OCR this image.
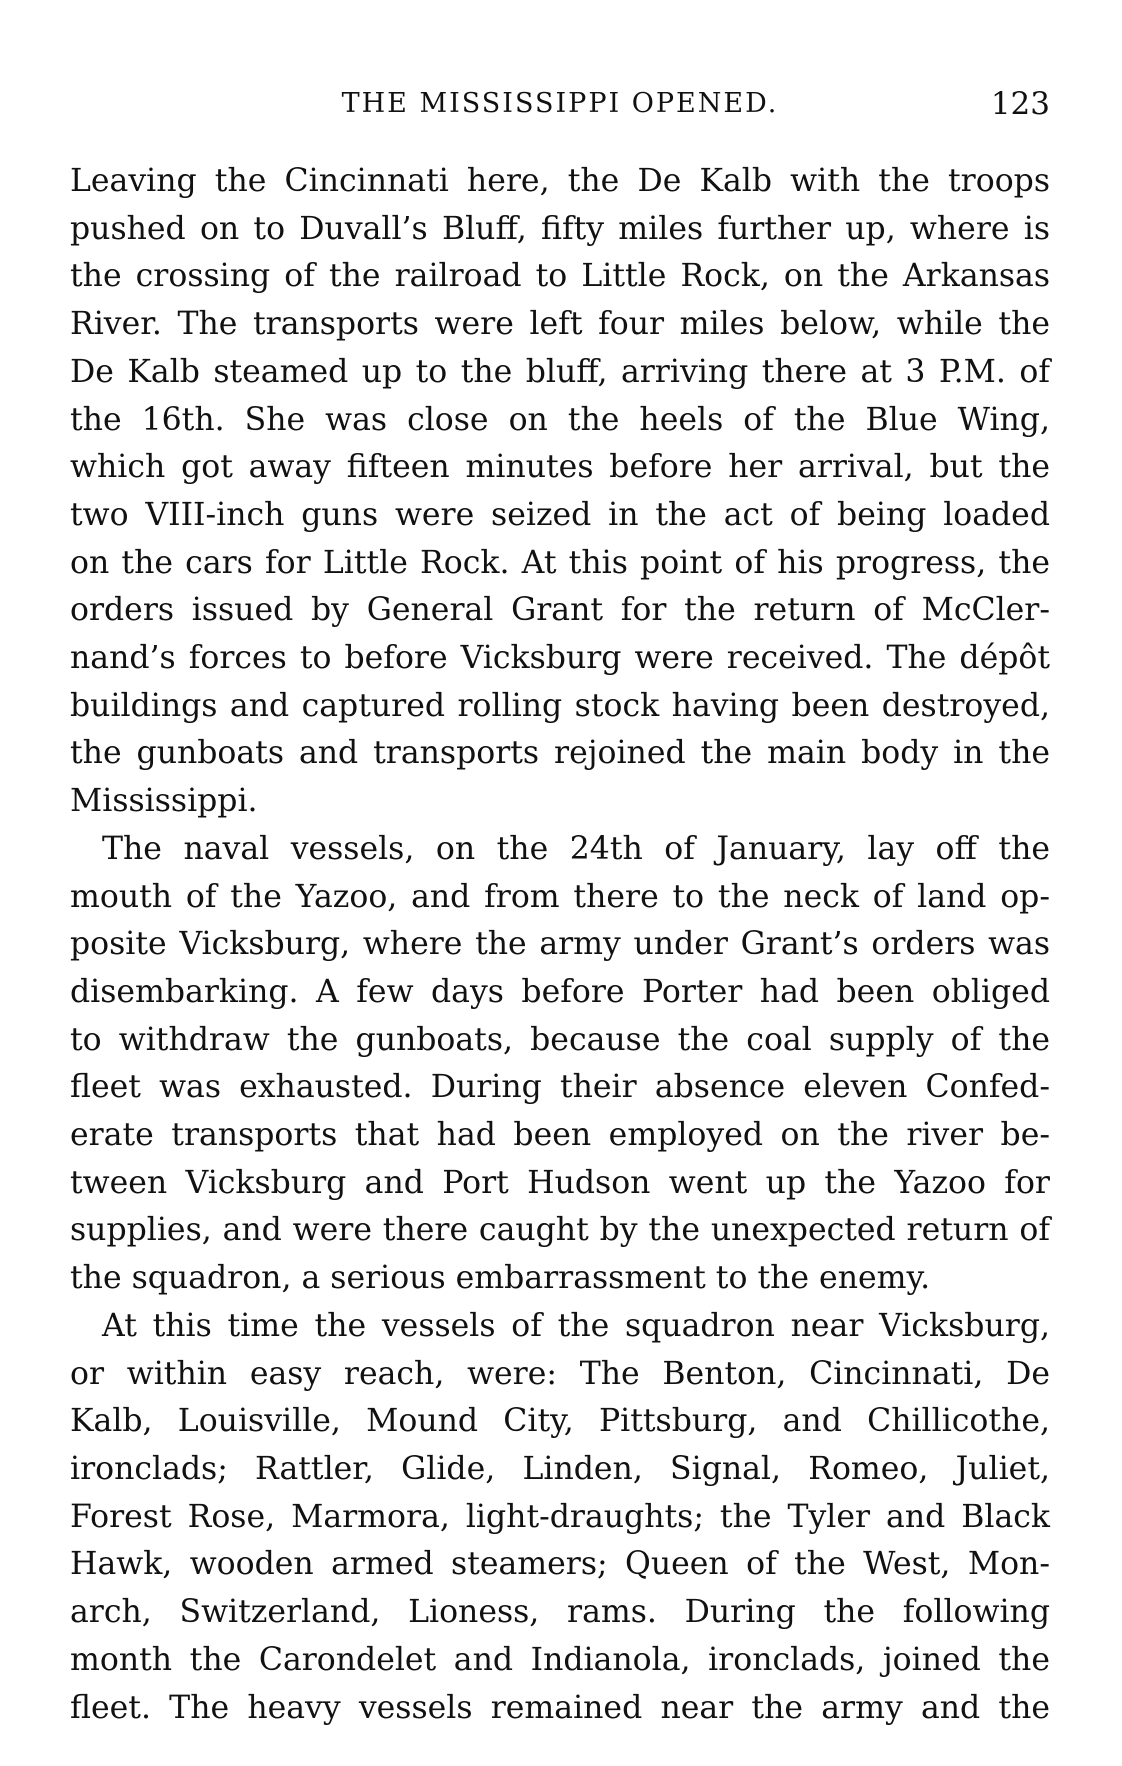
THE MISSISSIPPI OPENED.	123

Leaving the Cincinnati here, the De Kalb with the troops
pushed on to Duvall’s Bluff, fifty miles further up, where is
the crossing of the railroad to Little Rock, on the Arkansas
River. The transports were left four miles below, while the
De Kalb steamed up to the bluff, arriving there at 3 P.M. of
the 16th. She was close on the heels of the Blue Wing,
which got away fifteen minutes before her arrival, but the
two VIII-inch guns were seized in the act of being loaded
on the cars for Little Rock. At this point of his progress, the
orders issued by General Grant for the return of McCler-
nand’s forces to before Vicksburg were received. The dépôt
buildings and captured rolling stock having been destroyed,
the gunboats and transports rejoined the main body in the
Mississippi.

The naval vessels, on the 24th of January, lay off the
mouth of the Yazoo, and from there to the neck of land op-
posite Vicksburg, where the army under Grant’s orders was
disembarking. A few days before Porter had been obliged
to withdraw the gunboats, because the coal supply of the
fleet was exhausted. During their absence eleven Confed-
erate transports that had been employed on the river be-
tween Vicksburg and Port Hudson went up the Yazoo for
supplies, and were there caught by the unexpected return of
the squadron, a serious embarrassment to the enemy.

At this time the vessels of the squadron near Vicksburg,
or within easy reach, were: The Benton, Cincinnati, De
Kalb, Louisville, Mound City, Pittsburg, and Chillicothe,
ironclads; Rattler, Glide, Linden, Signal, Romeo, Juliet,
Forest Rose, Marmora, light-draughts; the Tyler and Black
Hawk, wooden armed steamers; Queen of the West, Mon-
arch, Switzerland, Lioness, rams. During the following
month the Carondelet and Indianola, ironclads, joined the
fleet. The heavy vessels remained near the army and the
